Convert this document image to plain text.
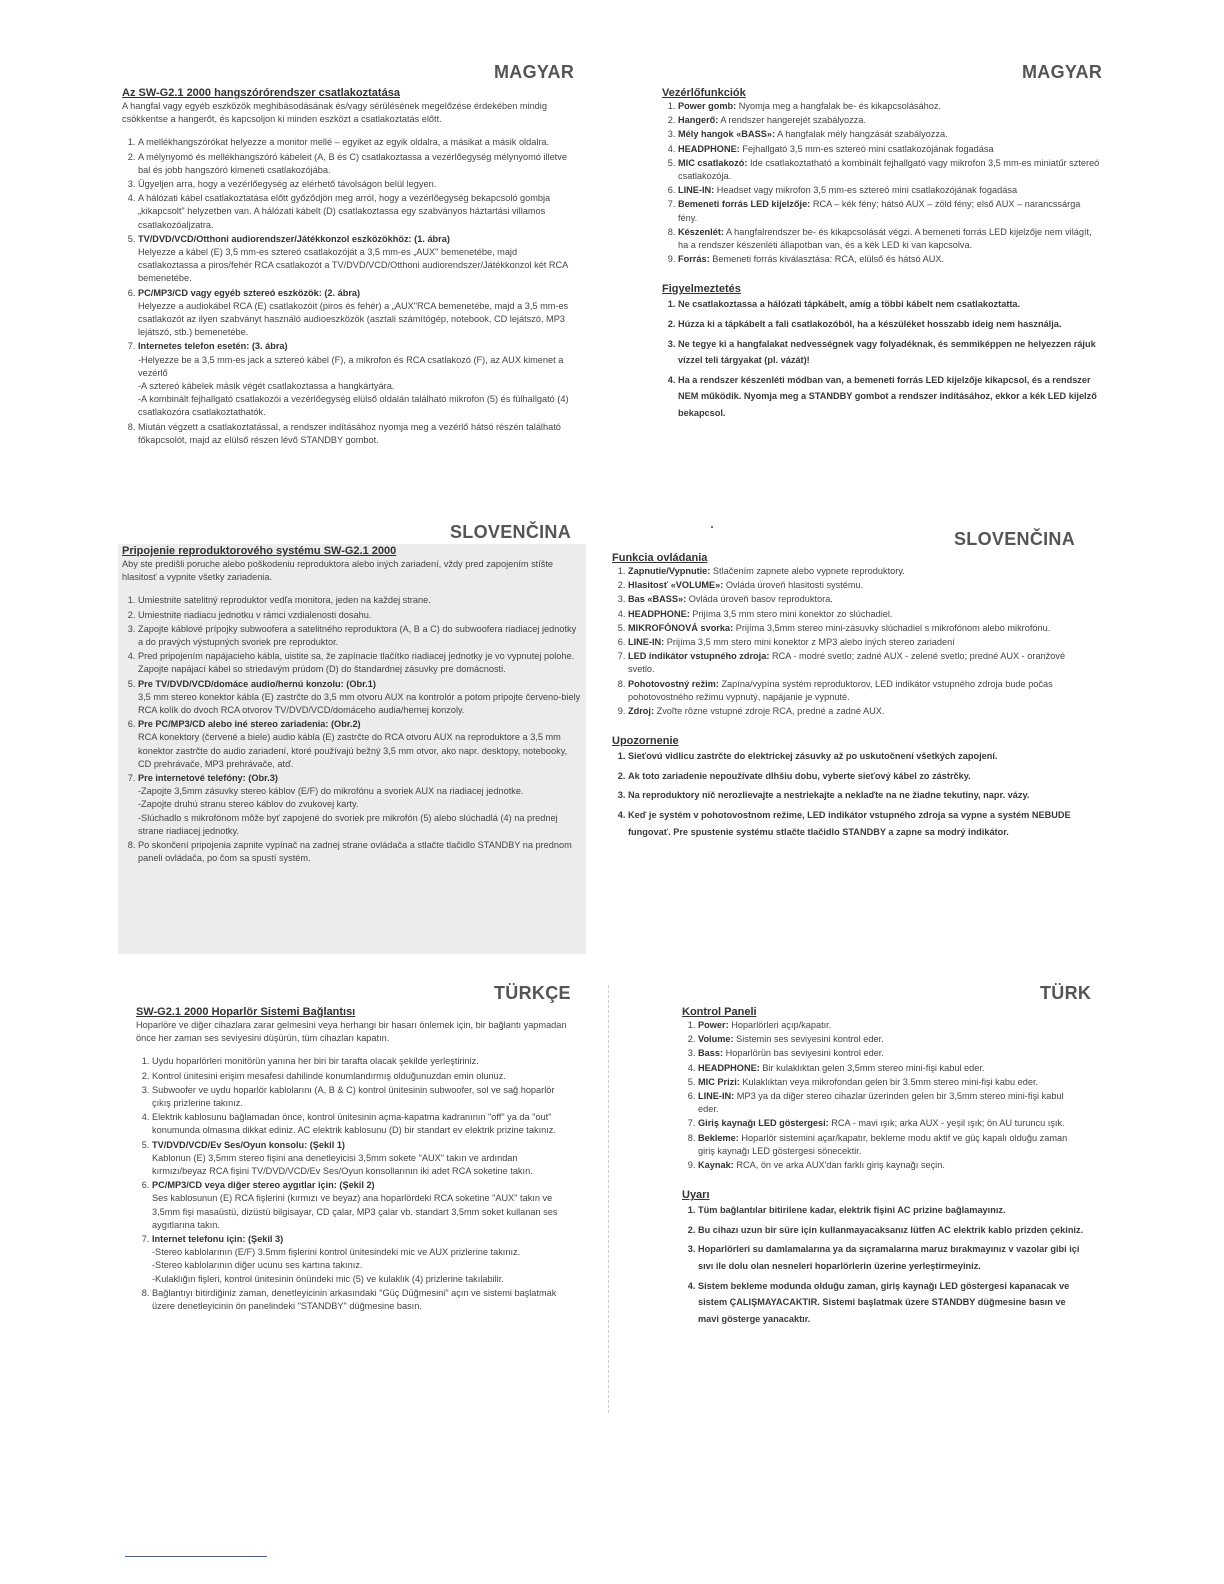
MAGYAR
Az SW-G2.1 2000 hangszórórendszer csatlakoztatása

A hangfal vagy egyéb eszközök meghibásodásának és/vagy sérülésének megelőzése érdekében mindig csökkentse a hangerőt, és kapcsoljon ki minden eszközt a csatlakoztatás előtt.

1. A mellékhangszórókat helyezze a monitor mellé – egyiket az egyik oldalra, a másikat a másik oldalra.
2. A mélynyomó és mellékhangszóró kábeleit (A, B és C) csatlakoztassa a vezérlőegység mélynyomó illetve bal és jobb hangszóró kimeneti csatlakozójába.
3. Ügyeljen arra, hogy a vezérlőegység az elérhető távolságon belül legyen.
4. A hálózati kábel csatlakoztatása előtt győződjön meg arról, hogy a vezérlőegység bekapcsoló gombja „kikapcsolt" helyzetben van. A hálózati kábelt (D) csatlakoztassa egy szabványos háztartási villamos csatlakozóaljzatra.
5. TV/DVD/VCD/Otthoni audiorendszer/Játékkonzol eszközökhöz: (1. ábra)
Helyezze a kábel (E) 3,5 mm-es sztereó csatlakozóját a 3,5 mm-es „AUX" bemenetébe, majd csatlakoztassa a piros/fehér RCA csatlakozót a TV/DVD/VCD/Otthoni audiorendszer/Játékkonzol két RCA bemenetébe.
6. PC/MP3/CD vagy egyéb sztereó eszközök: (2. ábra)
Helyezze a audiokábel RCA (E) csatlakozóit (piros és fehér) a „AUX"RCA bemenetébe, majd a 3,5 mm-es csatlakozót az ilyen szabványt használó audioeszközök (asztali számítógép, notebook, CD lejátszó, MP3 lejátszó, stb.) bemenetébe.
7. Internetes telefon esetén: (3. ábra)

-Helyezze be a 3,5 mm-es jack a sztereó kábel (F), a mikrofon és RCA csatlakozó (F), az AUX kimenet a vezérlő
-A sztereó kábelek másik végét csatlakoztassa a hangkártyára.
-A kombinált fejhallgató csatlakozói a vezérlőegység elülső oldalán található mikrofon (5) és fülhallgató (4) csatlakozóra csatlakoztathatók.
8. Miután végzett a csatlakoztatással, a rendszer indításához nyomja meg a vezérlő hátsó részén található főkapcsolót, majd az elülső részen lévő STANDBY gombot.
MAGYAR
Vezérlőfunkciók
1. Power gomb: Nyomja meg a hangfalak be- és kikapcsolásához.
2. Hangerő: A rendszer hangerejét szabályozza.
3. Mély hangok «BASS»: A hangfalak mély hangzását szabályozza.
4. HEADPHONE: Fejhallgató 3,5 mm-es sztereó mini csatlakozójának fogadása
5. MIC csatlakozó: Ide csatlakoztatható a kombinált fejhallgató vagy mikrofon 3,5 mm-es miniatűr sztereó csatlakozója.
6. LINE-IN: Headset vagy mikrofon 3,5 mm-es sztereó mini csatlakozójának fogadása
7. Bemeneti forrás LED kijelzője: RCA – kék fény; hátsó AUX – zöld fény; első AUX – narancssárga fény.
8. Készenlét: A hangfalrendszer be- és kikapcsolását végzi. A bemeneti forrás LED kijelzője nem világít, ha a rendszer készenléti állapotban van, és a kék LED ki van kapcsolva.
9. Forrás: Bemeneti forrás kiválasztása: RCA, elülső és hátsó AUX.
Figyelmeztetés
1. Ne csatlakoztassa a hálózati tápkábelt, amíg a többi kábelt nem csatlakoztatta.
2. Húzza ki a tápkábelt a fali csatlakozóból, ha a készüléket hosszabb ideig nem használja.
3. Ne tegye ki a hangfalakat nedvességnek vagy folyadéknak, és semmiképpen ne helyezzen rájuk vízzel teli tárgyakat (pl. vázát)!
4. Ha a rendszer készenléti módban van, a bemeneti forrás LED kijelzője kikapcsol, és a rendszer NEM működik. Nyomja meg a STANDBY gombot a rendszer indításához, ekkor a kék LED kijelző bekapcsol.
SLOVENČINA
Pripojenie reproduktorového systému SW-G2.1 2000

Aby ste predišli poruche alebo poškodeniu reproduktora alebo iných zariadení, vždy pred zapojením stíšte hlasitosť a vypnite všetky zariadenia.

1. Umiestnite satelitný reproduktor vedľa monitora, jeden na každej strane.
2. Umiestnite riadiacu jednotku v rámci vzdialenosti dosahu.
3. Zapojte káblové prípojky subwoofera a satelitného reproduktora (A, B a C) do subwoofera riadiacej jednotky a do pravých výstupných svoriek pre reproduktor.
4. Pred pripojením napájacieho kábla, uistite sa, že zapínacie tlačítko riadiacej jednotky je vo vypnutej polohe. Zapojte napájací kábel so striedavým prúdom (D) do štandardnej zásuvky pre domácnosti.
5. Pre TV/DVD/VCD/domáce audio/hernú konzolu: (Obr.1)
3,5 mm stereo konektor kábla (E) zastrčte do 3,5 mm otvoru AUX na kontrolór a potom pripojte červeno-biely RCA kolík do dvoch RCA otvorov TV/DVD/VCD/domáceho audia/hernej konzoly.
6. Pre PC/MP3/CD alebo iné stereo zariadenia: (Obr.2)
RCA konektory (červené a biele) audio kábla (E) zastrčte do RCA otvoru AUX na reproduktore a 3,5 mm konektor zastrčte do audio zariadení, ktoré používajú bežný 3,5 mm otvor, ako napr. desktopy, notebooky, CD prehrávače, MP3 prehrávače, atď.
7. Pre internetové telefóny: (Obr.3)

-Zapojte 3,5mm zásuvky stereo káblov (E/F) do mikrofónu a svoriek AUX na riadiacej jednotke.
-Zapojte druhú stranu stereo káblov do zvukovej karty.
-Slúchadlo s mikrofónom môže byť zapojené do svoriek pre mikrofón (5) alebo slúchadlá (4) na prednej strane riadiacej jednotky.
8. Po skončení pripojenia zapnite vypínač na zadnej strane ovládača a stlačte tlačidlo STANDBY na prednom paneli ovládača, po čom sa spustí systém.
SLOVENČINA
Funkcia ovládania
1. Zapnutie/Vypnutie: Stlačením zapnete alebo vypnete reproduktory.
2. Hlasitosť «VOLUME»: Ovláda úroveň hlasitosti systému.
3. Bas «BASS»: Ovláda úroveň basov reproduktora.
4. HEADPHONE: Prijíma 3,5 mm stero mini konektor zo slúchadiel.
5. MIKROFÓNOVÁ svorka: Prijíma 3,5mm stereo mini-zásuvky slúchadiel s mikrofónom alebo mikrofónu.
6. LINE-IN: Prijíma 3,5 mm stero mini konektor z MP3 alebo iných stereo zariadení
7. LED indikátor vstupného zdroja: RCA - modré svetlo; zadné AUX - zelené svetlo; predné AUX - oranžové svetlo.
8. Pohotovostný režim: Zapína/vypína systém reproduktorov, LED indikátor vstupného zdroja bude počas pohotovostného režimu vypnutý, napájanie je vypnuté.
9. Zdroj: Zvoľte rôzne vstupné zdroje RCA, predné a zadné AUX.
Upozornenie
1. Sieťovú vidlicu zastrčte do elektrickej zásuvky až po uskutočnení všetkých zapojení.
2. Ak toto zariadenie nepoužívate dlhšiu dobu, vyberte sieťový kábel zo zástrčky.
3. Na reproduktory nič nerozlievajte a nestriekajte a neklaďte na ne žiadne tekutiny, napr. vázy.
4. Keď je systém v pohotovostnom režime, LED indikátor vstupného zdroja sa vypne a systém NEBUDE fungovať. Pre spustenie systému stlačte tlačidlo STANDBY a zapne sa modrý indikátor.
TÜRKÇE
SW-G2.1 2000 Hoparlör Sistemi Bağlantısı

Hoparlöre ve diğer cihazlara zarar gelmesini veya herhangi bir hasarı önlemek için, bir bağlantı yapmadan önce her zaman ses seviyesini düşürün, tüm cihazları kapatın.

1. Uydu hoparlörleri monitörün yanına her biri bir tarafta olacak şekilde yerleştiriniz.
2. Kontrol ünitesini erişim mesafesi dahilinde konumlandırmış olduğunuzdan emin olunuz.
3. Subwoofer ve uydu hoparlör kablolarını (A, B & C) kontrol ünitesinin subwoofer, sol ve sağ hoparlör çıkış prizlerine takınız.
4. Elektrik kablosunu bağlamadan önce, kontrol ünitesinin açma-kapatma kadranının "off" ya da "out" konumunda olmasına dikkat ediniz. AC elektrik kablosunu (D) bir standart ev elektrik prizine takınız.
5. TV/DVD/VCD/Ev Ses/Oyun konsolu: (Şekil 1)
Kablonun (E) 3,5mm stereo fişini ana denetleyicisi 3,5mm sokete "AUX" takın ve ardından kırmızı/beyaz RCA fişini TV/DVD/VCD/Ev Ses/Oyun konsollarının iki adet RCA soketine takın.
6. PC/MP3/CD veya diğer stereo aygıtlar için: (Şekil 2)
Ses kablosunun (E) RCA fişlerini (kırmızı ve beyaz) ana hoparlördeki RCA soketine "AUX" takın ve 3,5mm fişi masaüstü, dizüstü bilgisayar, CD çalar, MP3 çalar vb. standart 3,5mm soket kullanan ses aygıtlarına takın.
7. Internet telefonu için: (Şekil 3)

-Stereo kablolarının (E/F) 3.5mm fişlerini kontrol ünitesindeki mic ve AUX prizlerine takınız.
-Stereo kablolarının diğer ucunu ses kartına takınız.
-Kulaklığın fişleri, kontrol ünitesinin önündeki mic (5) ve kulaklık (4) prizlerine takılabilir.
8. Bağlantıyı bitirdiğiniz zaman, denetleyicinin arkasındaki "Güç Düğmesini" açın ve sistemi başlatmak üzere denetleyicinin ön panelindeki "STANDBY" düğmesine basın.
TÜRK
Kontrol Paneli
1. Power: Hoparlörleri açıp/kapatır.
2. Volume: Sistemin ses seviyesini kontrol eder.
3. Bass: Hoparlörün bas seviyesini kontrol eder.
4. HEADPHONE: Bir kulaklıktan gelen 3,5mm stereo mini-fişi kabul eder.
5. MIC Prizi: Kulaklıktan veya mikrofondan gelen bir 3.5mm stereo mini-fişi kabu eder.
6. LINE-IN: MP3 ya da diğer stereo cihazlar üzerinden gelen bir 3,5mm stereo mini-fişi kabul eder.
7. Giriş kaynağı LED göstergesi: RCA - mavi ışık; arka AUX - yeşil ışık; ön AU turuncu ışık.
8. Bekleme: Hoparlör sistemini açar/kapatır, bekleme modu aktif ve güç kapalı olduğu zaman giriş kaynağı LED göstergesi sönecektir.
9. Kaynak: RCA, ön ve arka AUX'dan farklı giriş kaynağı seçin.
Uyarı
1. Tüm bağlantılar bitirilene kadar, elektrik fişini AC prizine bağlamayınız.
2. Bu cihazı uzun bir süre için kullanmayacaksanız lütfen AC elektrik kablo prizden çekiniz.
3. Hoparlörleri su damlamalarına ya da sıçramalarına maruz bırakmayınız v vazolar gibi içi sıvı ile dolu olan nesneleri hoparlörlerin üzerine yerleştirmeyiniz.
4. Sistem bekleme modunda olduğu zaman, giriş kaynağı LED göstergesi kapanacak ve sistem ÇALIŞMAYACAKTIR. Sistemi başlatmak üzere STANDBY düğmesine basın ve mavi gösterge yanacaktır.
